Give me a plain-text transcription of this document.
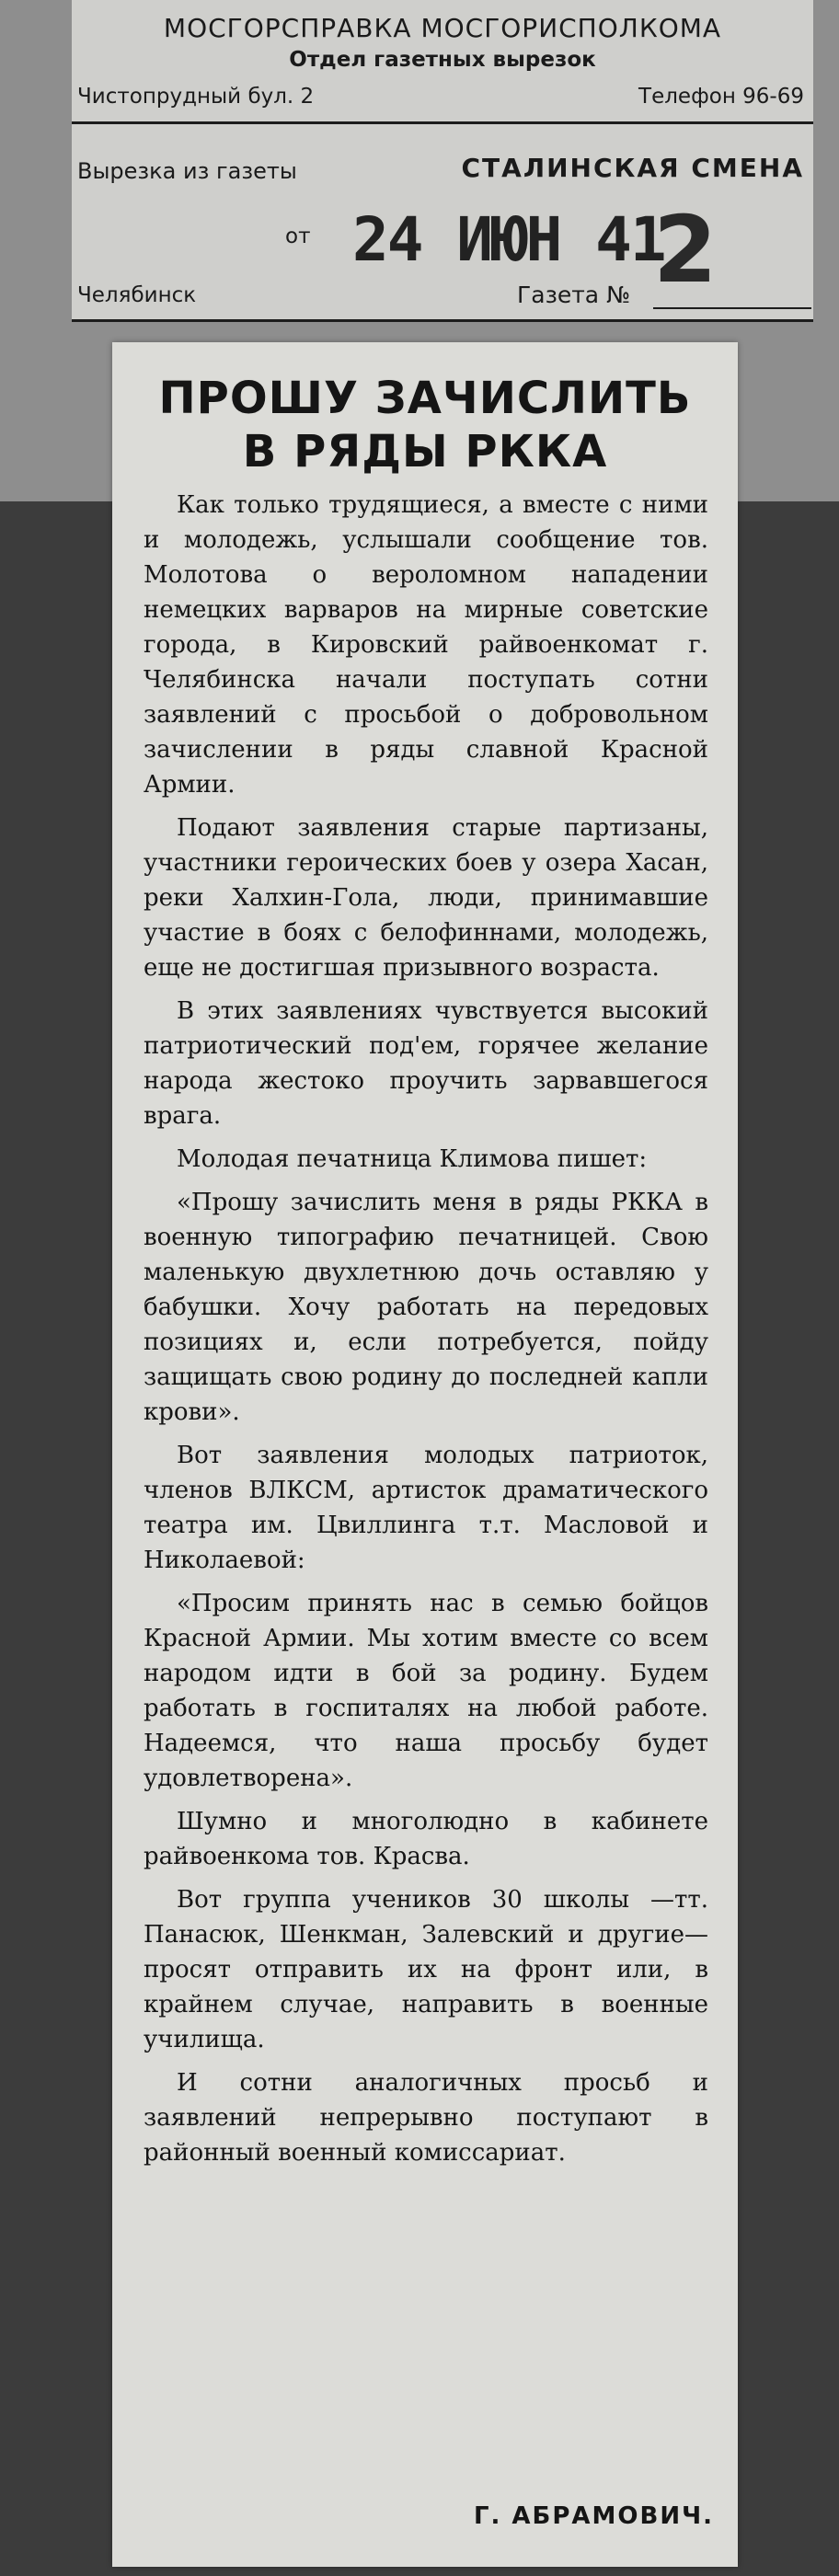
МОСГОРСПРАВКА МОСГОРИСПОЛКОМА
Отдел газетных вырезок
Чистопрудный бул. 2	Телефон 96-69
Вырезка из газеты	СТАЛИНСКАЯ СМЕНА
от 24 ИЮН 41
2
Челябинск	Газета №
ПРОШУ ЗАЧИСЛИТЬ
В РЯДЫ РККА

Как только трудящиеся, а вместе с ними и молодежь, услышали сообщение тов. Молотова о вероломном нападении немецких варваров на мирные советские города, в Кировский райвоенкомат г. Челябинска начали поступать сотни заявлений с просьбой о добровольном зачислении в ряды славной Красной Армии.

Подают заявления старые партизаны, участники героических боев у озера Хасан, реки Халхин-Гола, люди, принимавшие участие в боях с белофиннами, молодежь, еще не достигшая призывного возраста.

В этих заявлениях чувствуется высокий патриотический под'ем, горячее желание народа жестоко проучить зарвавшегося врага.

Молодая печатница Климова пишет:

«Прошу зачислить меня в ряды РККА в военную типографию печатницей. Свою маленькую двухлетнюю дочь оставляю у бабушки. Хочу работать на передовых позициях и, если потребуется, пойду защищать свою родину до последней капли крови».

Вот заявления молодых патриоток, членов ВЛКСМ, артисток драматического театра им. Цвиллинга т.т. Масловой и Николаевой:

«Просим принять нас в семью бойцов Красной Армии. Мы хотим вместе со всем народом идти в бой за родину. Будем работать в госпиталях на любой работе. Надеемся, что наша просьбу будет удовлетворена».

Шумно и многолюдно в кабинете райвоенкома тов. Красва.

Вот группа учеников 30 школы —тт. Панасюк, Шенкман, Залевский и другие—просят отправить их на фронт или, в крайнем случае, направить в военные училища.

И сотни аналогичных просьб и заявлений непрерывно поступают в районный военный комиссариат.

Г. АБРАМОВИЧ.
